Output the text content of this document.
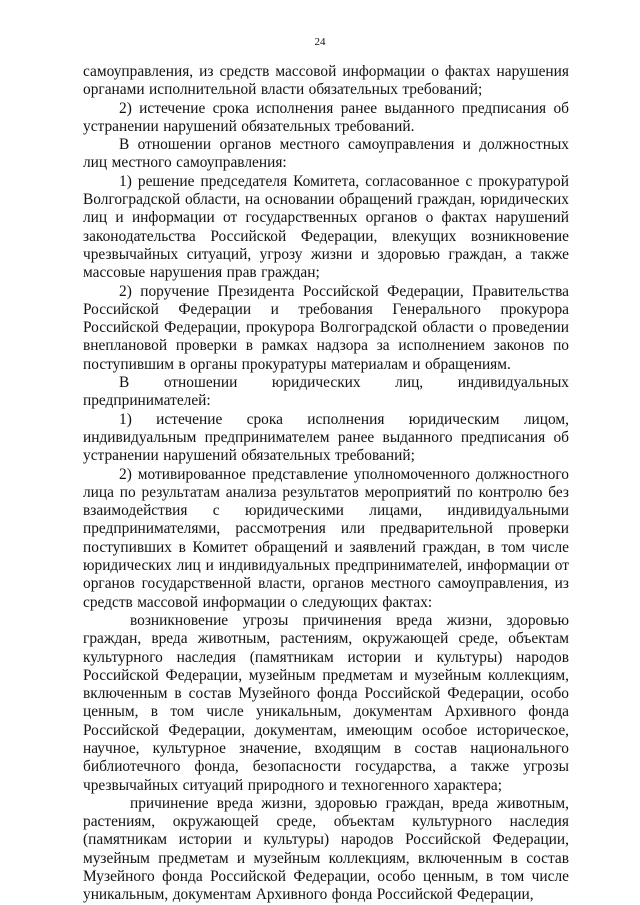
24

самоуправления, из средств массовой информации о фактах нарушения органами исполнительной власти обязательных требований;

2) истечение срока исполнения ранее выданного предписания об устранении нарушений обязательных требований.

В отношении органов местного самоуправления и должностных лиц местного самоуправления:

1) решение председателя Комитета, согласованное с прокуратурой Волгоградской области, на основании обращений граждан, юридических лиц и информации от государственных органов о фактах нарушений законодательства Российской Федерации, влекущих возникновение чрезвычайных ситуаций, угрозу жизни и здоровью граждан, а также массовые нарушения прав граждан;

2) поручение Президента Российской Федерации, Правительства Российской Федерации и требования Генерального прокурора Российской Федерации, прокурора Волгоградской области о проведении внеплановой проверки в рамках надзора за исполнением законов по поступившим в органы прокуратуры материалам и обращениям.

В отношении юридических лиц, индивидуальных предпринимателей:

1) истечение срока исполнения юридическим лицом, индивидуальным предпринимателем ранее выданного предписания об устранении нарушений обязательных требований;

2) мотивированное представление уполномоченного должностного лица по результатам анализа результатов мероприятий по контролю без взаимодействия с юридическими лицами, индивидуальными предпринимателями, рассмотрения или предварительной проверки поступивших в Комитет обращений и заявлений граждан, в том числе юридических лиц и индивидуальных предпринимателей, информации от органов государственной власти, органов местного самоуправления, из средств массовой информации о следующих фактах:

возникновение угрозы причинения вреда жизни, здоровью граждан, вреда животным, растениям, окружающей среде, объектам культурного наследия (памятникам истории и культуры) народов Российской Федерации, музейным предметам и музейным коллекциям, включенным в состав Музейного фонда Российской Федерации, особо ценным, в том числе уникальным, документам Архивного фонда Российской Федерации, документам, имеющим особое историческое, научное, культурное значение, входящим в состав национального библиотечного фонда, безопасности государства, а также угрозы чрезвычайных ситуаций природного и техногенного характера;

причинение вреда жизни, здоровью граждан, вреда животным, растениям, окружающей среде, объектам культурного наследия (памятникам истории и культуры) народов Российской Федерации, музейным предметам и музейным коллекциям, включенным в состав Музейного фонда Российской Федерации, особо ценным, в том числе уникальным, документам Архивного фонда Российской Федерации,
